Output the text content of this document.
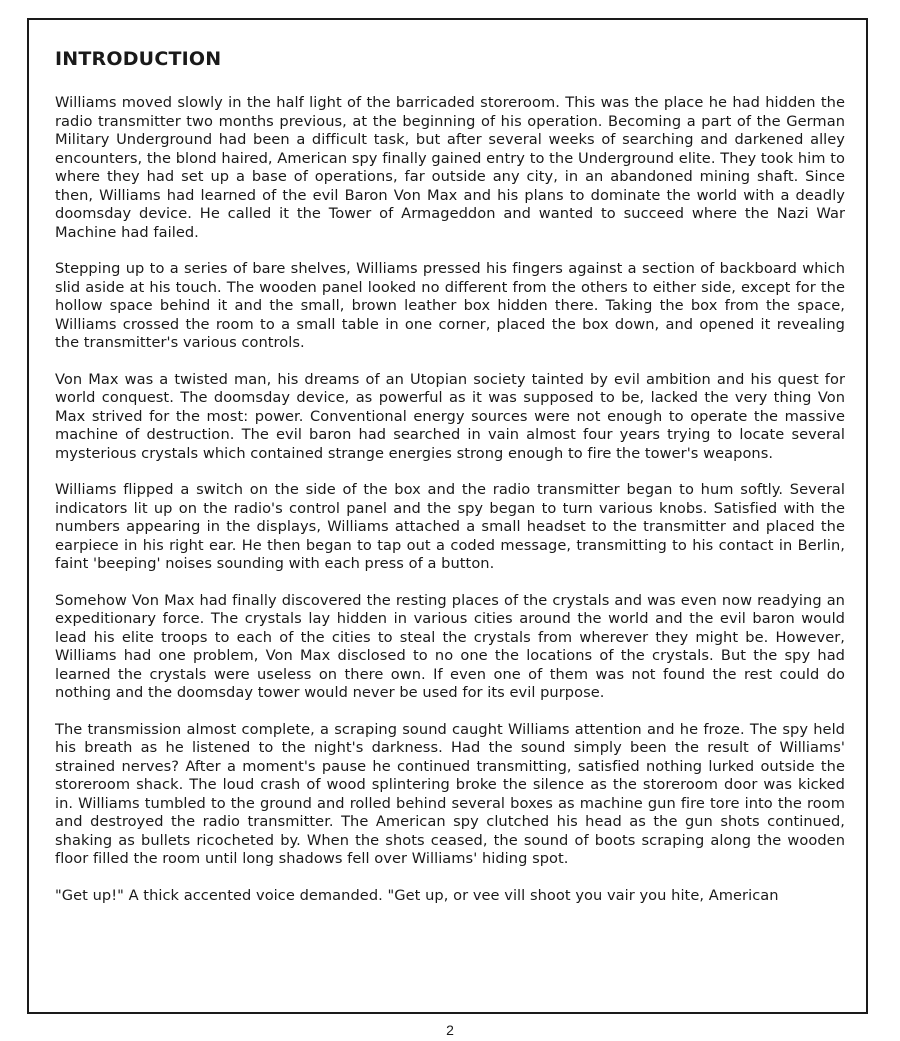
INTRODUCTION

Williams moved slowly in the half light of the barricaded storeroom. This was the place he had hidden the radio transmitter two months previous, at the beginning of his operation. Becoming a part of the German Military Underground had been a difficult task, but after several weeks of searching and darkened alley encounters, the blond haired, American spy finally gained entry to the Underground elite. They took him to where they had set up a base of operations, far outside any city, in an abandoned mining shaft. Since then, Williams had learned of the evil Baron Von Max and his plans to dominate the world with a deadly doomsday device. He called it the Tower of Armageddon and wanted to succeed where the Nazi War Machine had failed.

Stepping up to a series of bare shelves, Williams pressed his fingers against a section of backboard which slid aside at his touch. The wooden panel looked no different from the others to either side, except for the hollow space behind it and the small, brown leather box hidden there. Taking the box from the space, Williams crossed the room to a small table in one corner, placed the box down, and opened it revealing the transmitter's various controls.

Von Max was a twisted man, his dreams of an Utopian society tainted by evil ambition and his quest for world conquest. The doomsday device, as powerful as it was supposed to be, lacked the very thing Von Max strived for the most: power. Conventional energy sources were not enough to operate the massive machine of destruction. The evil baron had searched in vain almost four years trying to locate several mysterious crystals which contained strange energies strong enough to fire the tower's weapons.

Williams flipped a switch on the side of the box and the radio transmitter began to hum softly. Several indicators lit up on the radio's control panel and the spy began to turn various knobs. Satisfied with the numbers appearing in the displays, Williams attached a small headset to the transmitter and placed the earpiece in his right ear. He then began to tap out a coded message, transmitting to his contact in Berlin, faint 'beeping' noises sounding with each press of a button.

Somehow Von Max had finally discovered the resting places of the crystals and was even now readying an expeditionary force. The crystals lay hidden in various cities around the world and the evil baron would lead his elite troops to each of the cities to steal the crystals from wherever they might be. However, Williams had one problem, Von Max disclosed to no one the locations of the crystals. But the spy had learned the crystals were useless on there own. If even one of them was not found the rest could do nothing and the doomsday tower would never be used for its evil purpose.

The transmission almost complete, a scraping sound caught Williams attention and he froze. The spy held his breath as he listened to the night's darkness. Had the sound simply been the result of Williams' strained nerves? After a moment's pause he continued transmitting, satisfied nothing lurked outside the storeroom shack. The loud crash of wood splintering broke the silence as the storeroom door was kicked in. Williams tumbled to the ground and rolled behind several boxes as machine gun fire tore into the room and destroyed the radio transmitter. The American spy clutched his head as the gun shots continued, shaking as bullets ricocheted by. When the shots ceased, the sound of boots scraping along the wooden floor filled the room until long shadows fell over Williams' hiding spot.

"Get up!" A thick accented voice demanded. "Get up, or vee vill shoot you vair you hite, American

2
